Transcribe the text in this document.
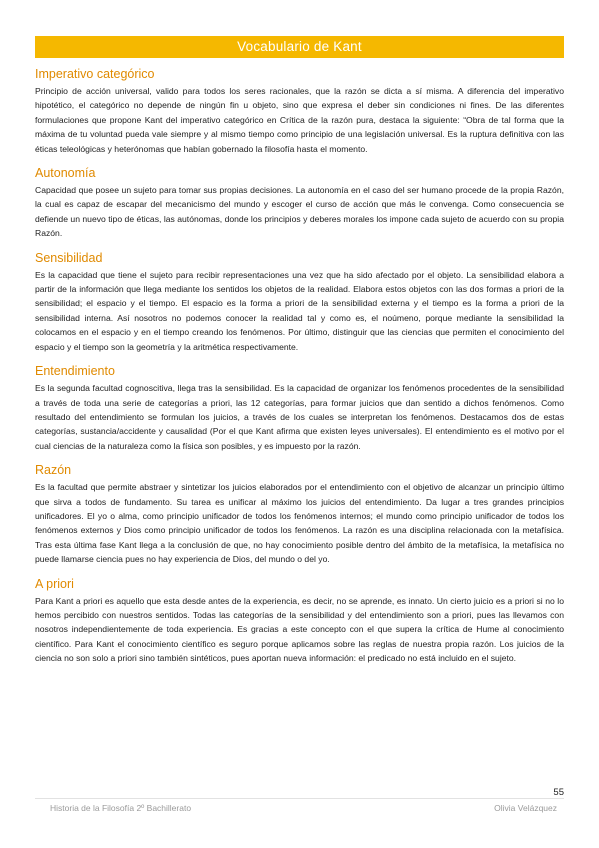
Vocabulario de Kant
Imperativo categórico

Principio de acción universal, valido para todos los seres racionales, que la razón se dicta a sí misma. A diferencia del imperativo hipotético, el categórico no depende de ningún fin u objeto, sino que expresa el deber sin condiciones ni fines. De las diferentes formulaciones que propone Kant del imperativo categórico en Crítica de la razón pura, destaca la siguiente: “Obra de tal forma que la máxima de tu voluntad pueda vale siempre y al mismo tiempo como principio de una legislación universal. Es la ruptura definitiva con las éticas teleológicas y heterónomas que habían gobernado la filosofía hasta el momento.

Autonomía

Capacidad que posee un sujeto para tomar sus propias decisiones. La autonomía en el caso del ser humano procede de la propia Razón, la cual es capaz de escapar del mecanicismo del mundo y escoger el curso de acción que más le convenga. Como consecuencia se defiende un nuevo tipo de éticas, las autónomas, donde los principios y deberes morales los impone cada sujeto de acuerdo con su propia Razón.

Sensibilidad

Es la capacidad que tiene el sujeto para recibir representaciones una vez que ha sido afectado por el objeto. La sensibilidad elabora a partir de la información que llega mediante los sentidos los objetos de la realidad. Elabora estos objetos con las dos formas a priori de la sensibilidad; el espacio y el tiempo. El espacio es la forma a priori de la sensibilidad externa y el tiempo es la forma a priori de la sensibilidad interna. Así nosotros no podemos conocer la realidad tal y como es, el noúmeno, porque mediante la sensibilidad la colocamos en el espacio y en el tiempo creando los fenómenos. Por último, distinguir que las ciencias que permiten el conocimiento del espacio y el tiempo son la geometría y la aritmética respectivamente.

Entendimiento

Es la segunda facultad cognoscitiva, llega tras la sensibilidad. Es la capacidad de organizar los fenómenos procedentes de la sensibilidad a través de toda una serie de categorías a priori, las 12 categorías, para formar juicios que dan sentido a dichos fenómenos. Como resultado del entendimiento se formulan los juicios, a través de los cuales se interpretan los fenómenos. Destacamos dos de estas categorías, sustancia/accidente y causalidad (Por el que Kant afirma que existen leyes universales). El entendimiento es el motivo por el cual ciencias de la naturaleza como la física son posibles, y es impuesto por la razón.

Razón

Es la facultad que permite abstraer y sintetizar los juicios elaborados por el entendimiento con el objetivo de alcanzar un principio último que sirva a todos de fundamento. Su tarea es unificar al máximo los juicios del entendimiento. Da lugar a tres grandes principios unificadores. El yo o alma, como principio unificador de todos los fenómenos internos; el mundo como principio unificador de todos los fenómenos externos y Dios como principio unificador de todos los fenómenos. La razón es una disciplina relacionada con la metafísica. Tras esta última fase Kant llega a la conclusión de que, no hay conocimiento posible dentro del ámbito de la metafísica, la metafísica no puede llamarse ciencia pues no hay experiencia de Dios, del mundo o del yo.

A priori

Para Kant a priori es aquello que esta desde antes de la experiencia, es decir, no se aprende, es innato. Un cierto juicio es a priori si no lo hemos percibido con nuestros sentidos. Todas las categorías de la sensibilidad y del entendimiento son a priori, pues las llevamos con nosotros independientemente de toda experiencia. Es gracias a este concepto con el que supera la crítica de Hume al conocimiento científico. Para Kant el conocimiento científico es seguro porque aplicamos sobre las reglas de nuestra propia razón. Los juicios de la ciencia no son solo a priori sino también sintéticos, pues aportan nueva información: el predicado no está incluido en el sujeto.

55
Historia de la Filosofía 2º Bachillerato	Olivia Velázquez
